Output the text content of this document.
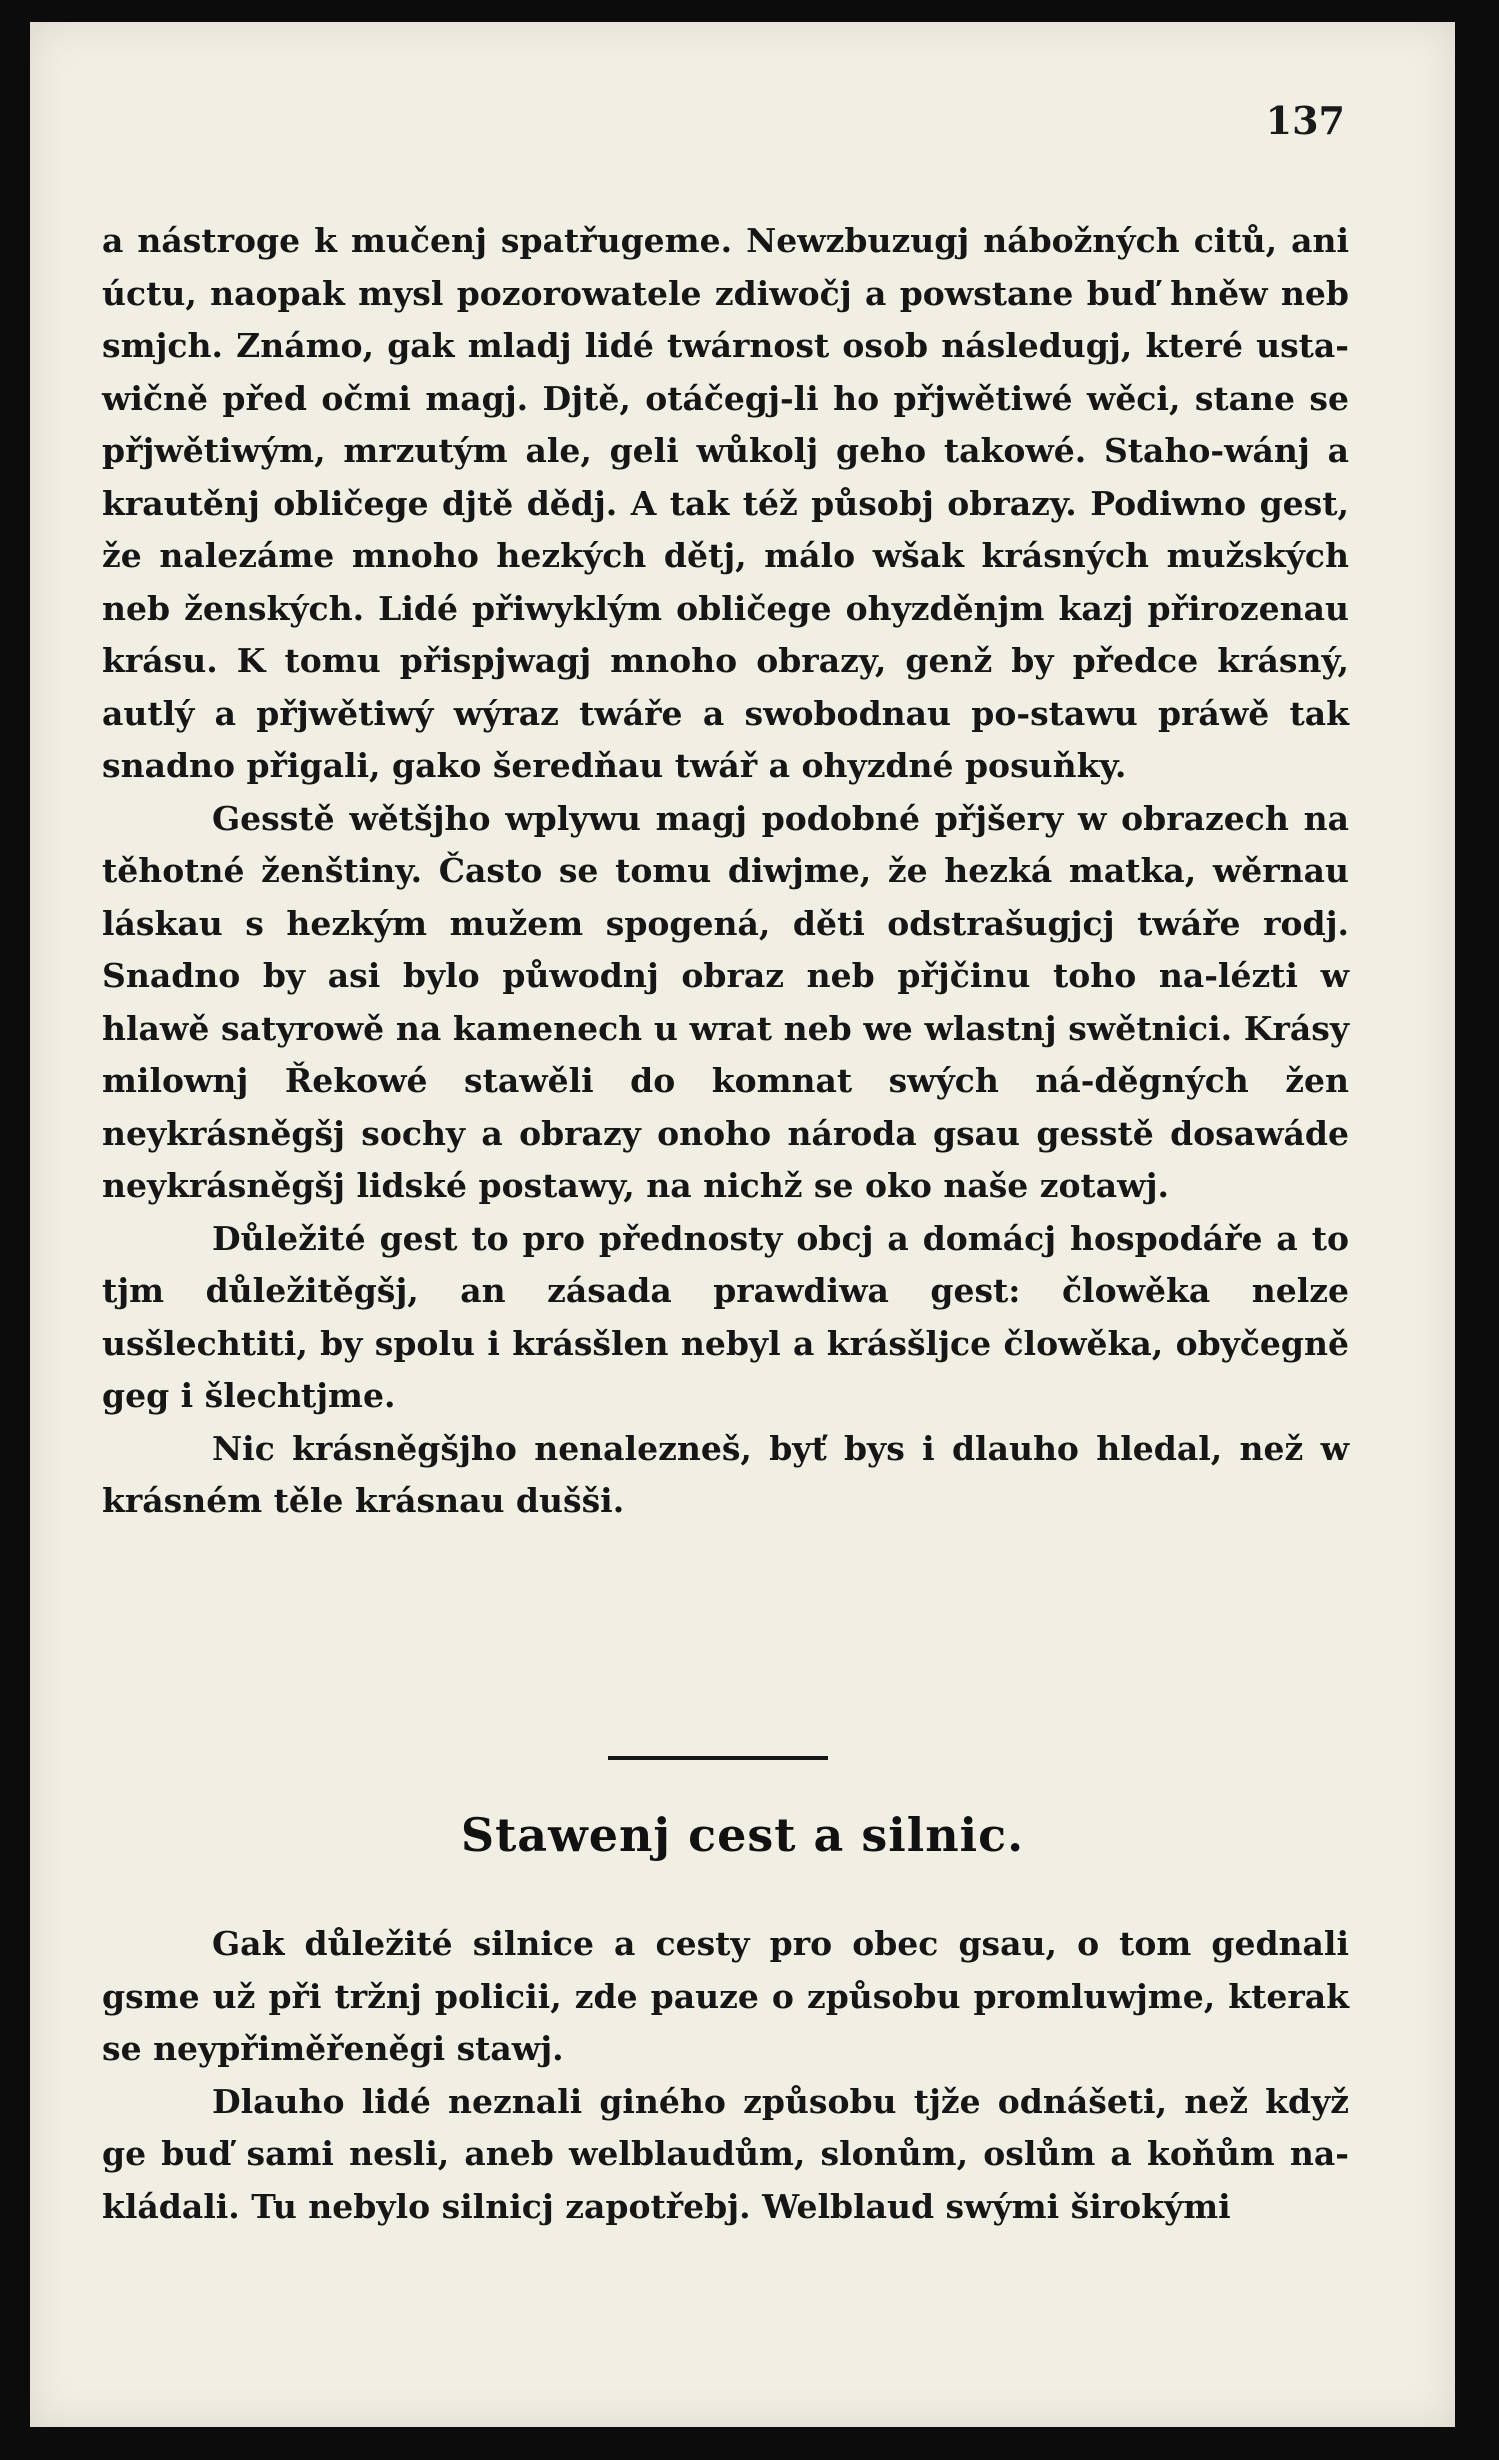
137

a nástroge k mučenj spatřugeme. Newzbuzugj nábožných citů, ani úctu, naopak mysl pozorowatele zdiwočj a powstane buď hněw neb smjch. Známo, gak mladj lidé twárnost osob následugj, které usta-wičně před očmi magj. Djtě, otáčegj-li ho přjwětiwé wěci, stane se přjwětiwým, mrzutým ale, geli wůkolj geho takowé. Staho-wánj a krautěnj obličege djtě dědj. A tak též působj obrazy. Podiwno gest, že nalezáme mnoho hezkých dětj, málo wšak krásných mužských neb ženských. Lidé přiwyklým obličege ohyzděnjm kazj přirozenau krásu. K tomu přispjwagj mnoho obrazy, genž by předce krásný, autlý a přjwětiwý wýraz twáře a swobodnau po-stawu práwě tak snadno přigali, gako šeredňau twář a ohyzdné posuňky.

Gesstě wětšjho wplywu magj podobné přjšery w obrazech na těhotné ženštiny. Často se tomu diwjme, že hezká matka, wěrnau láskau s hezkým mužem spogená, děti odstrašugjcj twáře rodj. Snadno by asi bylo půwodnj obraz neb přjčinu toho na-lézti w hlawě satyrowě na kamenech u wrat neb we wlastnj swětnici. Krásy milownj Řekowé stawěli do komnat swých ná-děgných žen neykrásněgšj sochy a obrazy onoho národa gsau gesstě dosawáde neykrásněgšj lidské postawy, na nichž se oko naše zotawj.

Důležité gest to pro přednosty obcj a domácj hospodáře a to tjm důležitěgšj, an zásada prawdiwa gest: člowěka nelze usšlechtiti, by spolu i krásšlen nebyl a krásšljce člowěka, obyčegně geg i šlechtjme.

Nic krásněgšjho nenalezneš, byť bys i dlauho hledal, než w krásném těle krásnau dušši.

Stawenj cest a silnic.

Gak důležité silnice a cesty pro obec gsau, o tom gednali gsme už při tržnj policii, zde pauze o způsobu promluwjme, kterak se neypřiměřeněgi stawj.

Dlauho lidé neznali giného způsobu tjže odnášeti, než když ge buď sami nesli, aneb welblaudům, slonům, oslům a koňům na-kládali. Tu nebylo silnicj zapotřebj. Welblaud swými širokými
